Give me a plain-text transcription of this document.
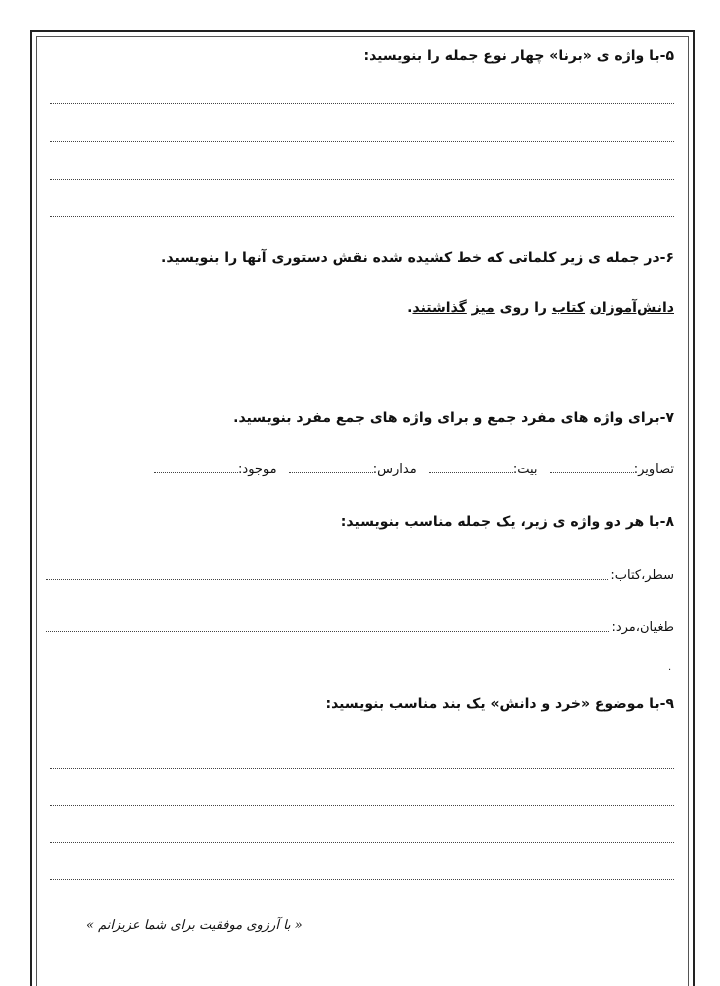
۵-با واژه ی «برنا» چهار نوع جمله را بنویسید:
۶-در جمله ی زیر کلماتی که خط کشیده شده نقش دستوری آنها را بنویسید.
دانش‌آموزان کتاب را روی میز گذاشتند.
۷-برای واژه های مفرد جمع و برای واژه های جمع مفرد بنویسید.
تصاویر: بیت: مدارس: موجود:
۸-با هر دو واژه ی زیر، یک جمله مناسب بنویسید:
سطر،کتاب:
طغیان،مرد:
.
۹-با موضوع «خرد و دانش» یک بند مناسب بنویسید:
« با آرزوی موفقیت برای شما عزیزانم »
